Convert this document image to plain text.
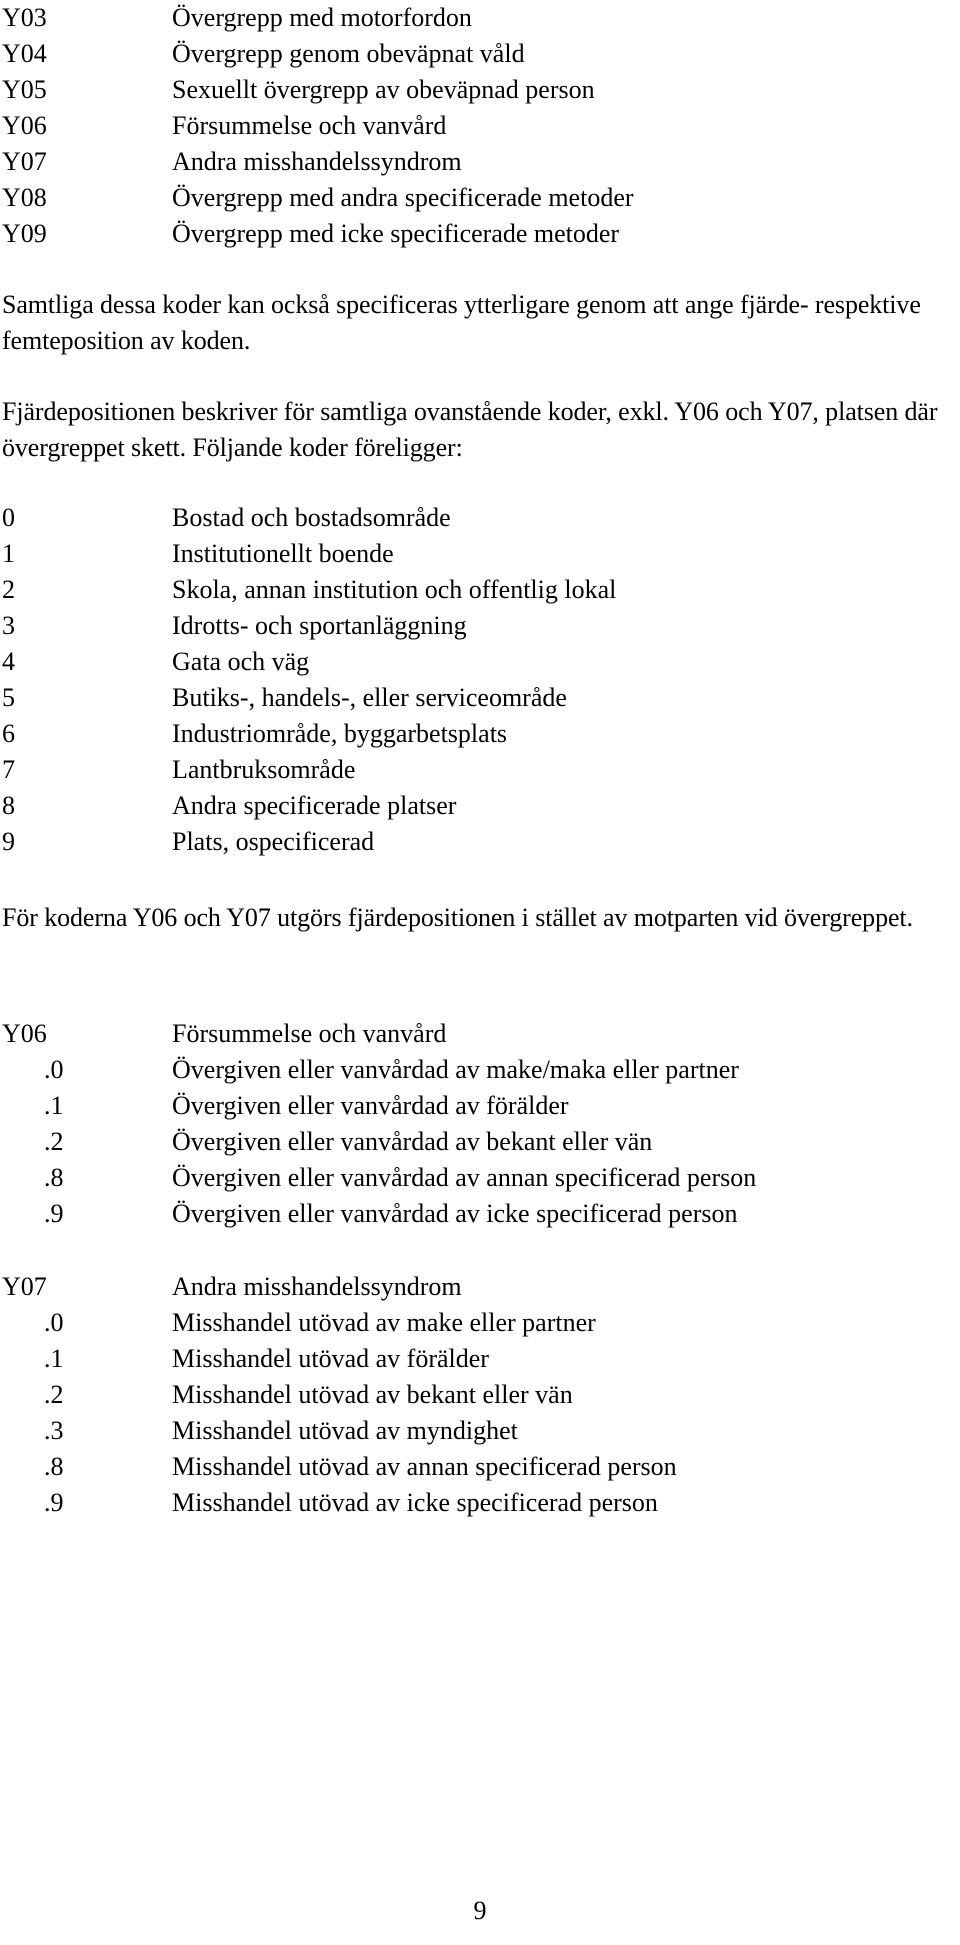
Y03	Övergrepp med motorfordon
Y04	Övergrepp genom obeväpnat våld
Y05	Sexuellt övergrepp av obeväpnad person
Y06	Försummelse och vanvård
Y07	Andra misshandelssyndrom
Y08	Övergrepp med andra specificerade metoder
Y09	Övergrepp med icke specificerade metoder

Samtliga dessa koder kan också specificeras ytterligare genom att ange fjärde- respektive femteposition av koden.

Fjärdepositionen beskriver för samtliga ovanstående koder, exkl. Y06 och Y07, platsen där övergreppet skett. Följande koder föreligger:

0	Bostad och bostadsområde
1	Institutionellt boende
2	Skola, annan institution och offentlig lokal
3	Idrotts- och sportanläggning
4	Gata och väg
5	Butiks-, handels-, eller serviceområde
6	Industriområde, byggarbetsplats
7	Lantbruksområde
8	Andra specificerade platser
9	Plats, ospecificerad

För koderna Y06 och Y07 utgörs fjärdepositionen i stället av motparten vid övergreppet.

Y06	Försummelse och vanvård
.0	Övergiven eller vanvårdad av make/maka eller partner
.1	Övergiven eller vanvårdad av förälder
.2	Övergiven eller vanvårdad av bekant eller vän
.8	Övergiven eller vanvårdad av annan specificerad person
.9	Övergiven eller vanvårdad av icke specificerad person
Y07	Andra misshandelssyndrom
.0	Misshandel utövad av make eller partner
.1	Misshandel utövad av förälder
.2	Misshandel utövad av bekant eller vän
.3	Misshandel utövad av myndighet
.8	Misshandel utövad av annan specificerad person
.9	Misshandel utövad av icke specificerad person
9
